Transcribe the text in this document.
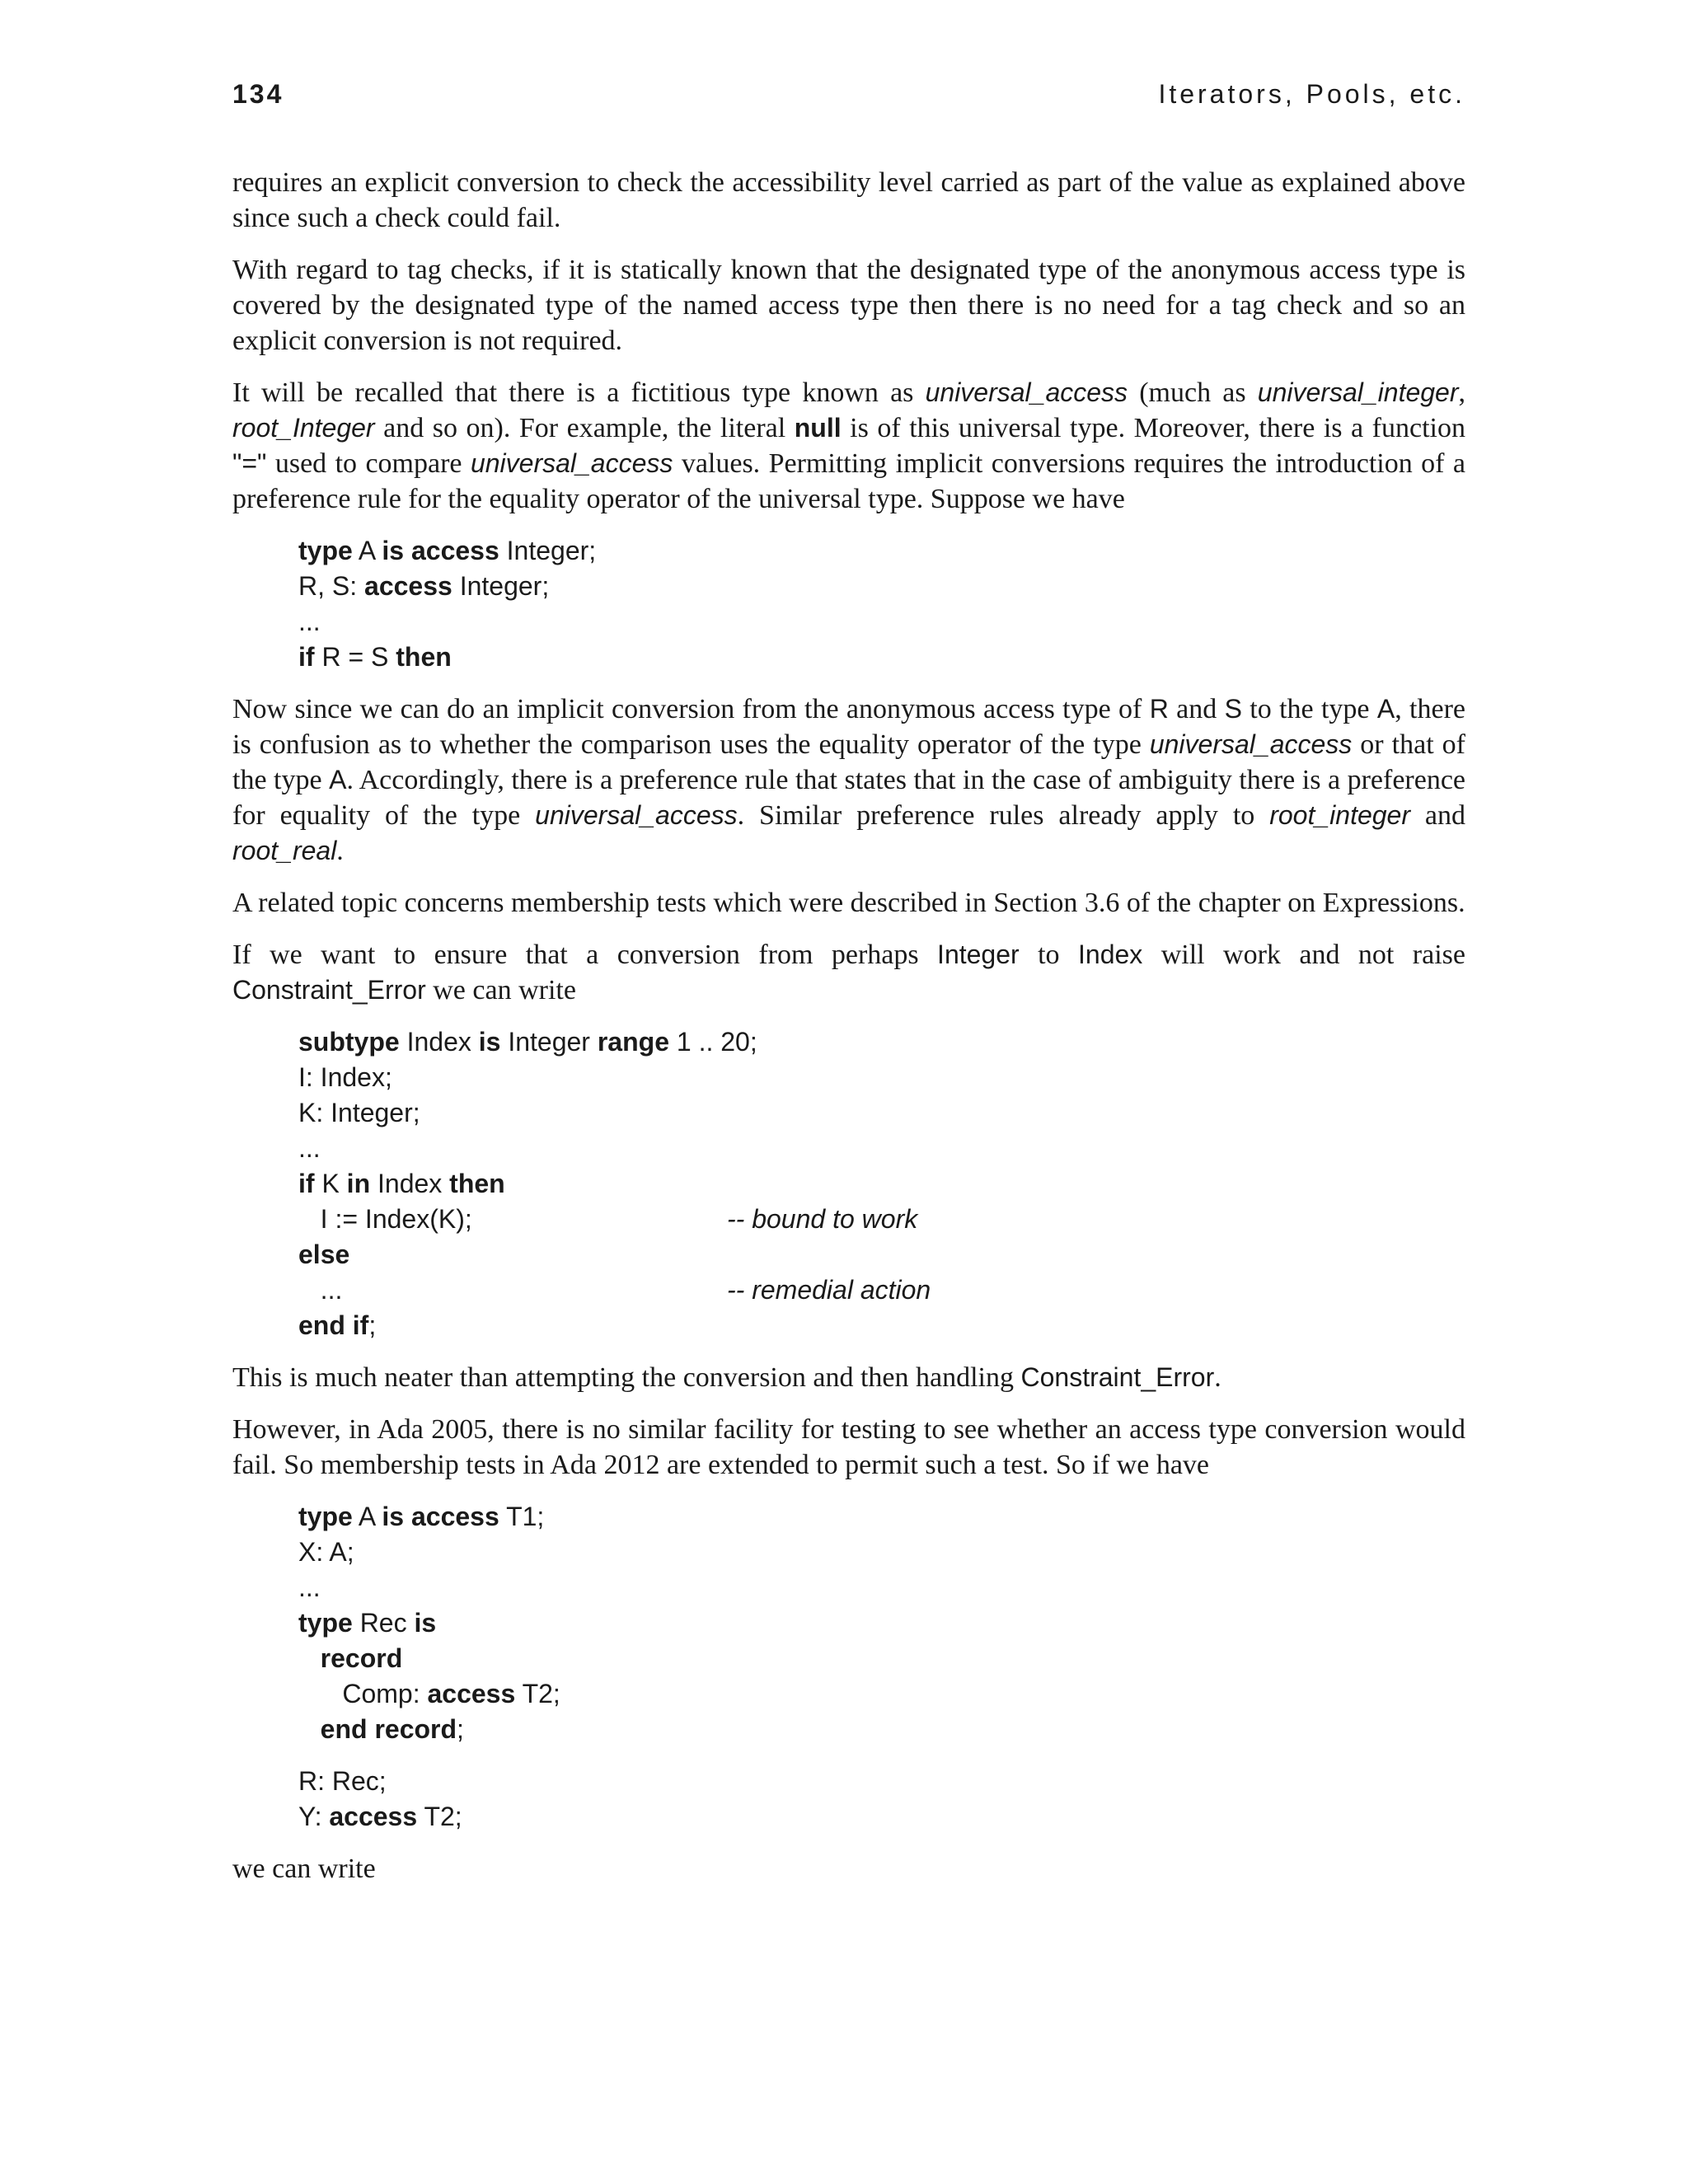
134	Iterators, Pools, etc.

requires an explicit conversion to check the accessibility level carried as part of the value as explained above since such a check could fail.

With regard to tag checks, if it is statically known that the designated type of the anonymous access type is covered by the designated type of the named access type then there is no need for a tag check and so an explicit conversion is not required.

It will be recalled that there is a fictitious type known as universal_access (much as universal_integer, root_Integer and so on). For example, the literal null is of this universal type. Moreover, there is a function "=" used to compare universal_access values. Permitting implicit conversions requires the introduction of a preference rule for the equality operator of the universal type. Suppose we have

type A is access Integer;
R, S: access Integer;
...
if R = S then

Now since we can do an implicit conversion from the anonymous access type of R and S to the type A, there is confusion as to whether the comparison uses the equality operator of the type universal_access or that of the type A. Accordingly, there is a preference rule that states that in the case of ambiguity there is a preference for equality of the type universal_access. Similar preference rules already apply to root_integer and root_real.

A related topic concerns membership tests which were described in Section 3.6 of the chapter on Expressions.

If we want to ensure that a conversion from perhaps Integer to Index will work and not raise Constraint_Error we can write

subtype Index is Integer range 1 .. 20;
I: Index;
K: Integer;
...
if K in Index then
I := Index(K);	-- bound to work
else
...	-- remedial action
end if;

This is much neater than attempting the conversion and then handling Constraint_Error.

However, in Ada 2005, there is no similar facility for testing to see whether an access type conversion would fail. So membership tests in Ada 2012 are extended to permit such a test. So if we have

type A is access T1;
X: A;
...
type Rec is
record
Comp: access T2;
end record;
R: Rec;
Y: access T2;

we can write
